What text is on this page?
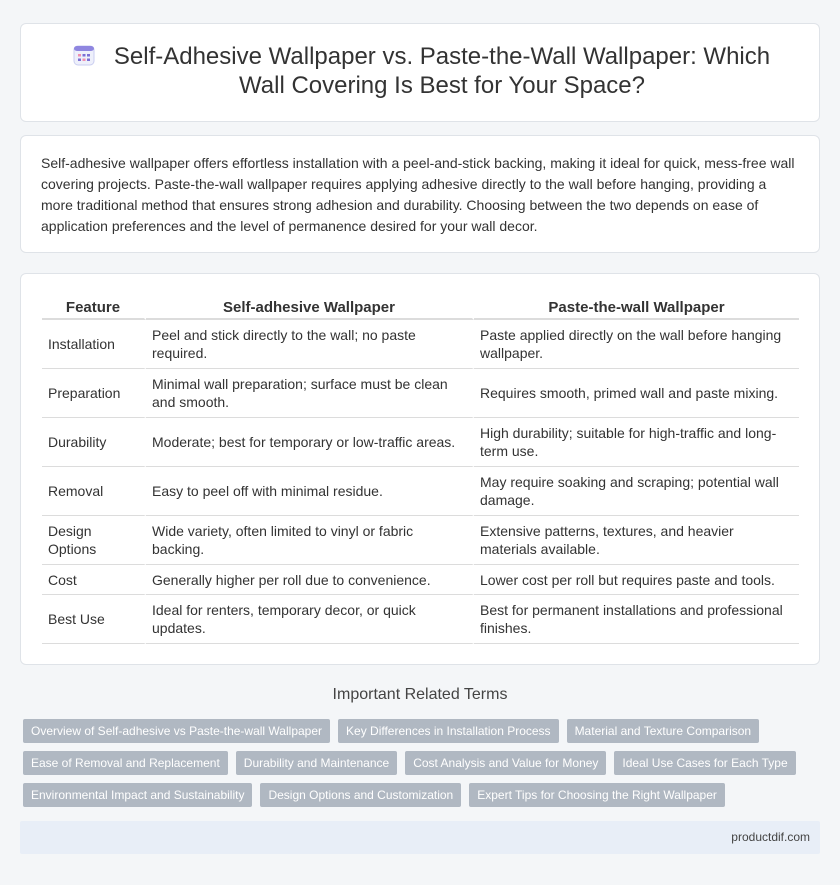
Self-Adhesive Wallpaper vs. Paste-the-Wall Wallpaper: Which Wall Covering Is Best for Your Space?

Self-adhesive wallpaper offers effortless installation with a peel-and-stick backing, making it ideal for quick, mess-free wall covering projects. Paste-the-wall wallpaper requires applying adhesive directly to the wall before hanging, providing a more traditional method that ensures strong adhesion and durability. Choosing between the two depends on ease of application preferences and the level of permanence desired for your wall decor.

Feature	Self-adhesive Wallpaper	Paste-the-wall Wallpaper
Installation	Peel and stick directly to the wall; no paste required.	Paste applied directly on the wall before hanging wallpaper.
Preparation	Minimal wall preparation; surface must be clean and smooth.	Requires smooth, primed wall and paste mixing.
Durability	Moderate; best for temporary or low-traffic areas.	High durability; suitable for high-traffic and long-term use.
Removal	Easy to peel off with minimal residue.	May require soaking and scraping; potential wall damage.
Design Options	Wide variety, often limited to vinyl or fabric backing.	Extensive patterns, textures, and heavier materials available.
Cost	Generally higher per roll due to convenience.	Lower cost per roll but requires paste and tools.
Best Use	Ideal for renters, temporary decor, or quick updates.	Best for permanent installations and professional finishes.
Important Related Terms
Overview of Self-adhesive vs Paste-the-wall Wallpaper	Key Differences in Installation Process	Material and Texture Comparison
Ease of Removal and Replacement	Durability and Maintenance	Cost Analysis and Value for Money	Ideal Use Cases for Each Type
Environmental Impact and Sustainability	Design Options and Customization	Expert Tips for Choosing the Right Wallpaper
productdif.com
